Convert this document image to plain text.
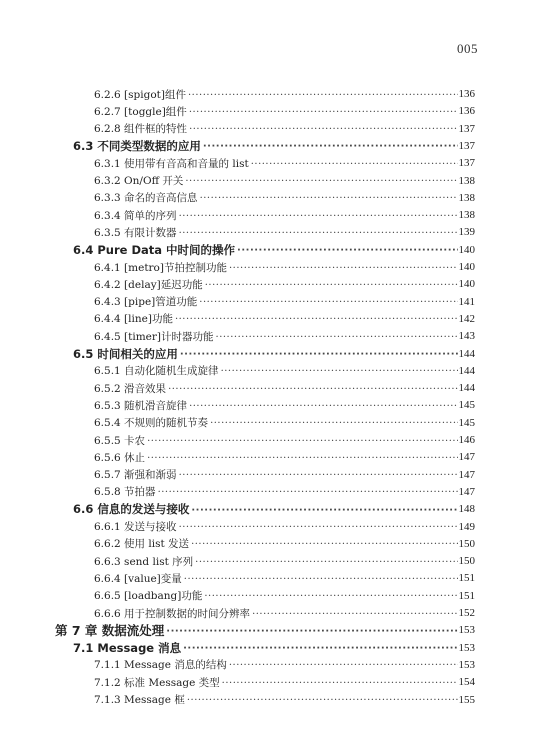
005
6.2.6 [spigot]组件 ·····	136
6.2.7 [toggle]组件 ·····	136
6.2.8 组件框的特性 ·····	137
6.3 不同类型数据的应用 ·····	137
6.3.1 使用带有音高和音量的 list ·····	137
6.3.2 On/Off 开关 ·····	138
6.3.3 命名的音高信息 ·····	138
6.3.4 简单的序列 ·····	138
6.3.5 有限计数器 ·····	139
6.4 Pure Data 中时间的操作 ·····	140
6.4.1 [metro]节拍控制功能 ·····	140
6.4.2 [delay]延迟功能 ·····	140
6.4.3 [pipe]管道功能 ·····	141
6.4.4 [line]功能 ·····	142
6.4.5 [timer]计时器功能 ·····	143
6.5 时间相关的应用 ·····	144
6.5.1 自动化随机生成旋律 ·····	144
6.5.2 滑音效果 ·····	144
6.5.3 随机滑音旋律 ·····	145
6.5.4 不规则的随机节奏 ·····	145
6.5.5 卡农 ·····	146
6.5.6 休止 ·····	147
6.5.7 渐强和渐弱 ·····	147
6.5.8 节拍器 ·····	147
6.6 信息的发送与接收 ·····	148
6.6.1 发送与接收 ·····	149
6.6.2 使用 list 发送 ·····	150
6.6.3 send list 序列 ·····	150
6.6.4 [value]变量 ·····	151
6.6.5 [loadbang]功能 ·····	151
6.6.6 用于控制数据的时间分辨率 ·····	152
第 7 章 数据流处理 ·····	153
7.1 Message 消息 ·····	153
7.1.1 Message 消息的结构 ·····	153
7.1.2 标准 Message 类型 ·····	154
7.1.3 Message 框 ·····	155
